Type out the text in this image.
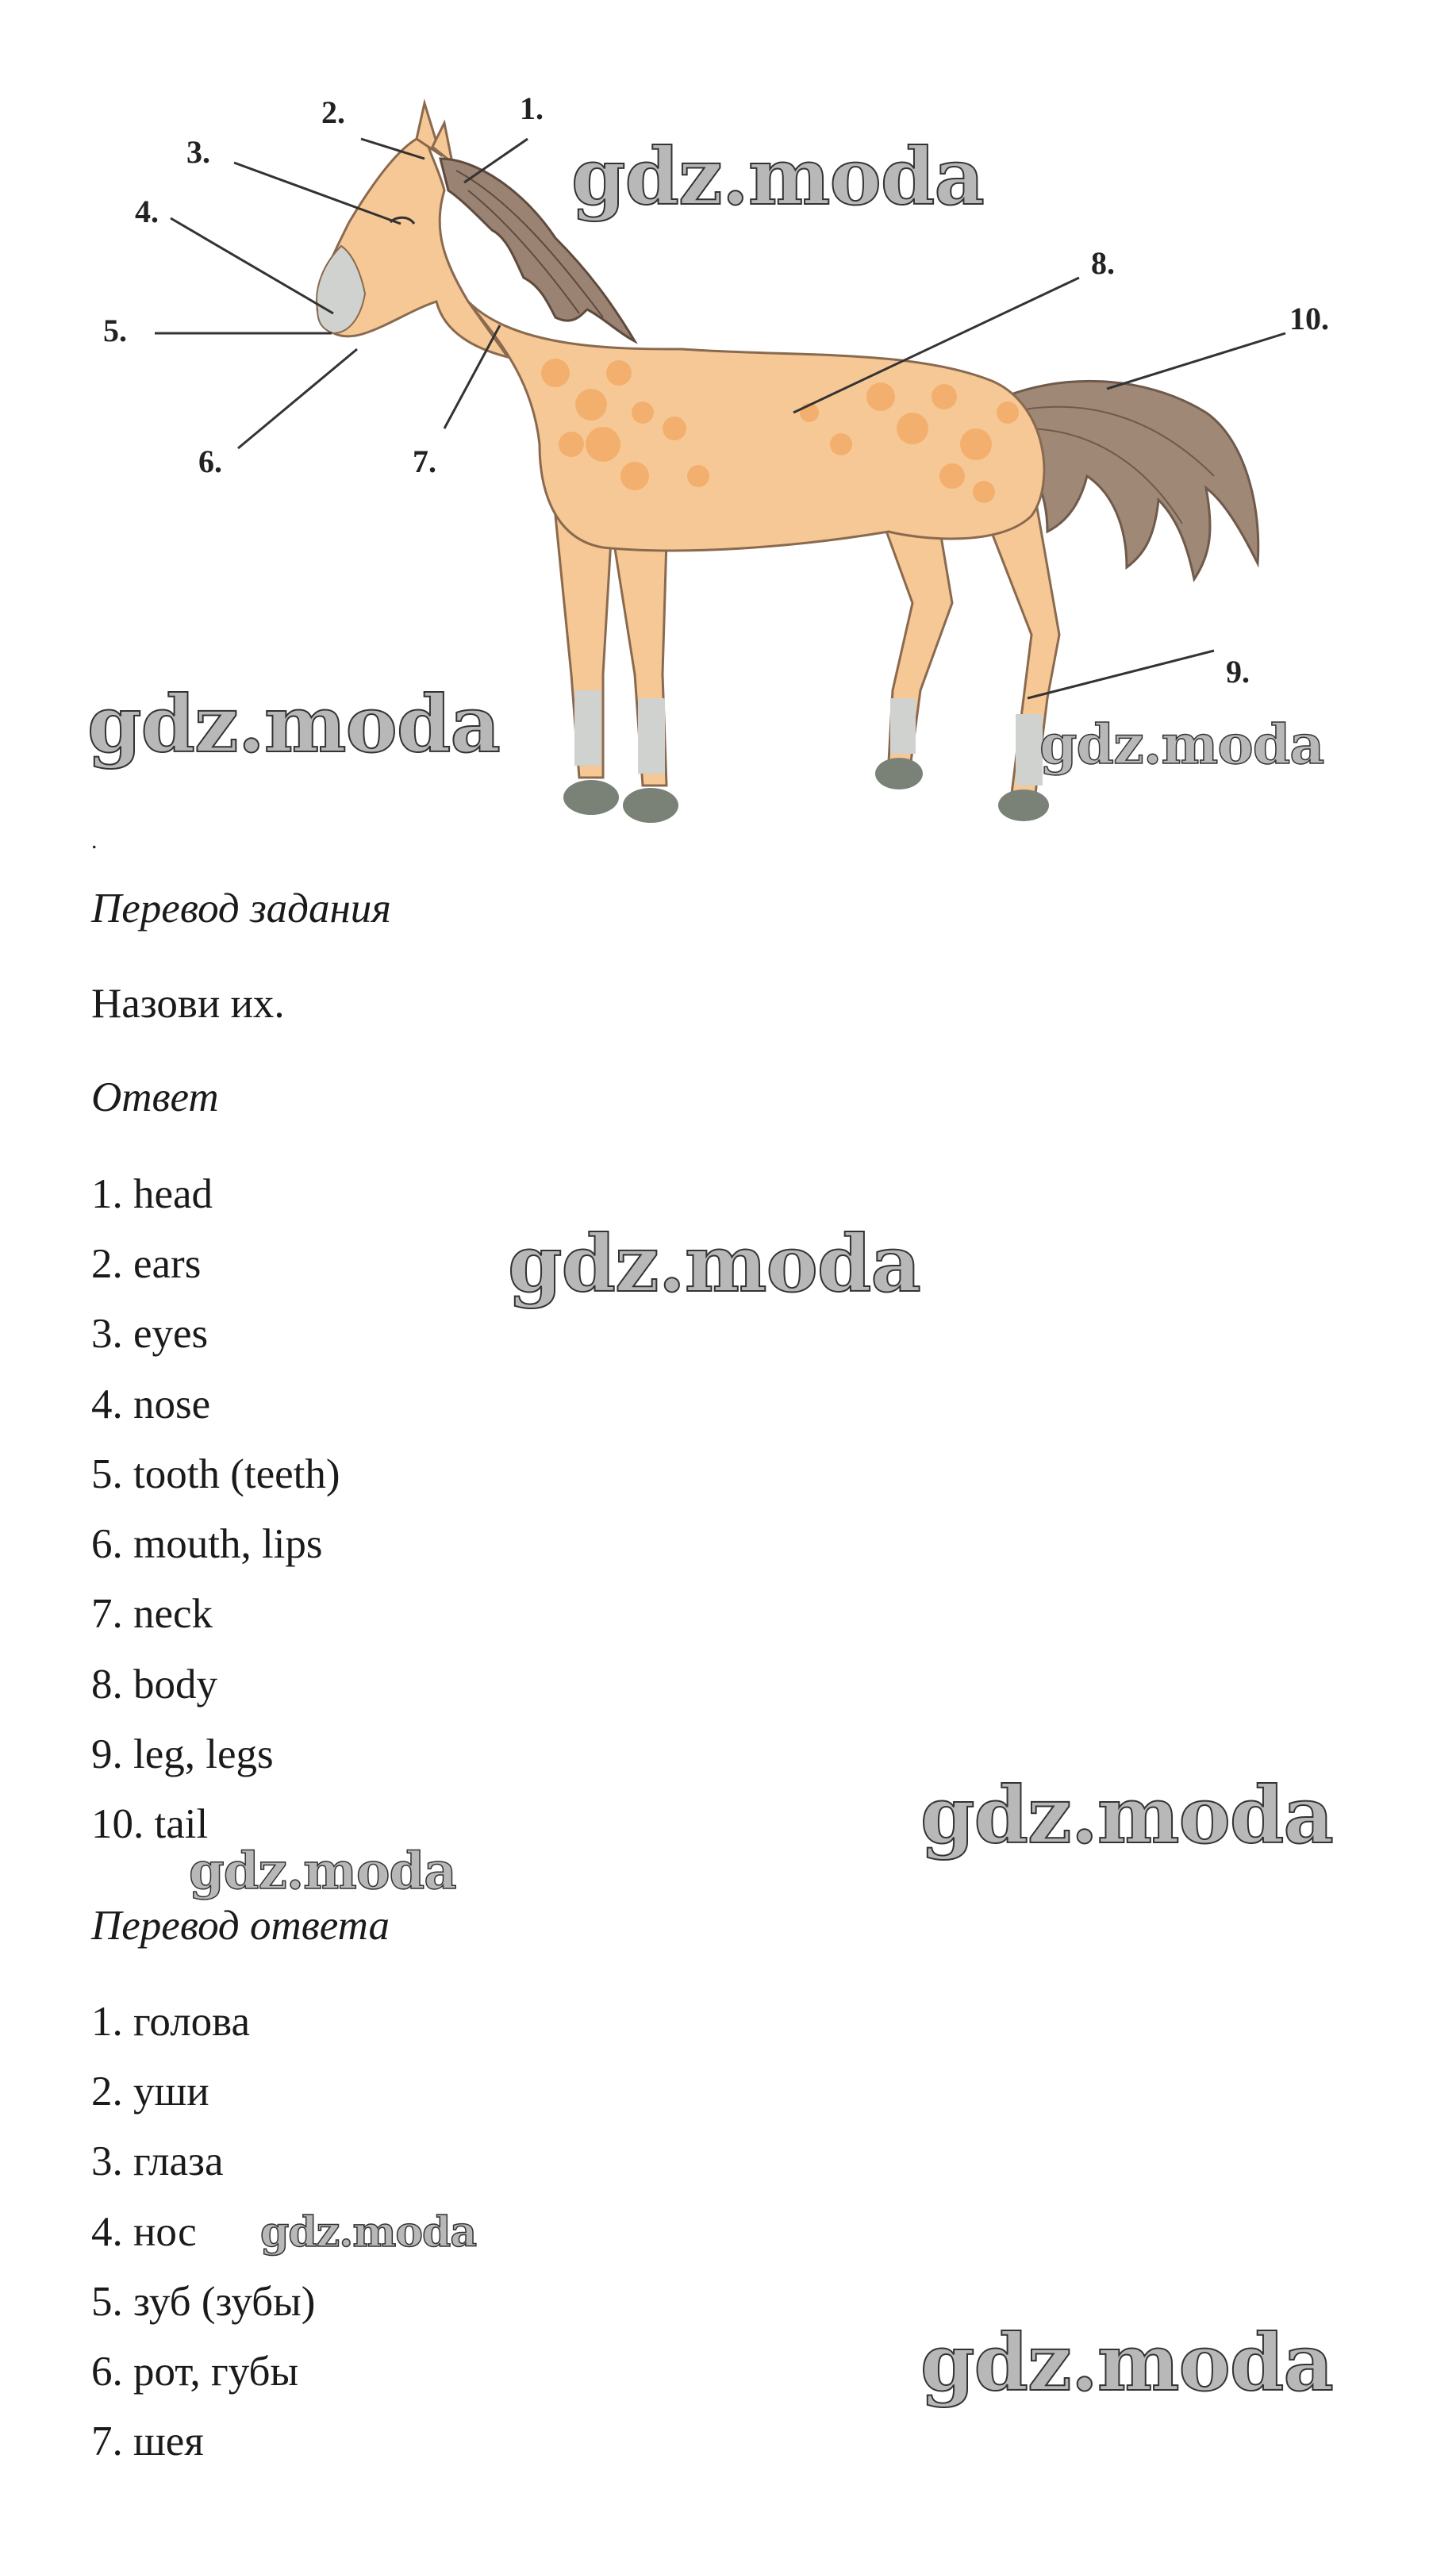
1.
2.
3.
4.
5.
6.	7.
8.
9.
10.
.
Перевод задания
Назови их.
Ответ
1. head
2. ears
3. eyes
4. nose
5. tooth (teeth)
6. mouth, lips
7. neck
8. body
9. leg, legs
10. tail
Перевод ответа
1. голова
2. уши
3. глаза
4. нос
5. зуб (зубы)
6. рот, губы
7. шея
gdz.moda
gdz.moda	gdz.moda
gdz.moda
gdz.moda
gdz.moda
gdz.moda
gdz.moda
